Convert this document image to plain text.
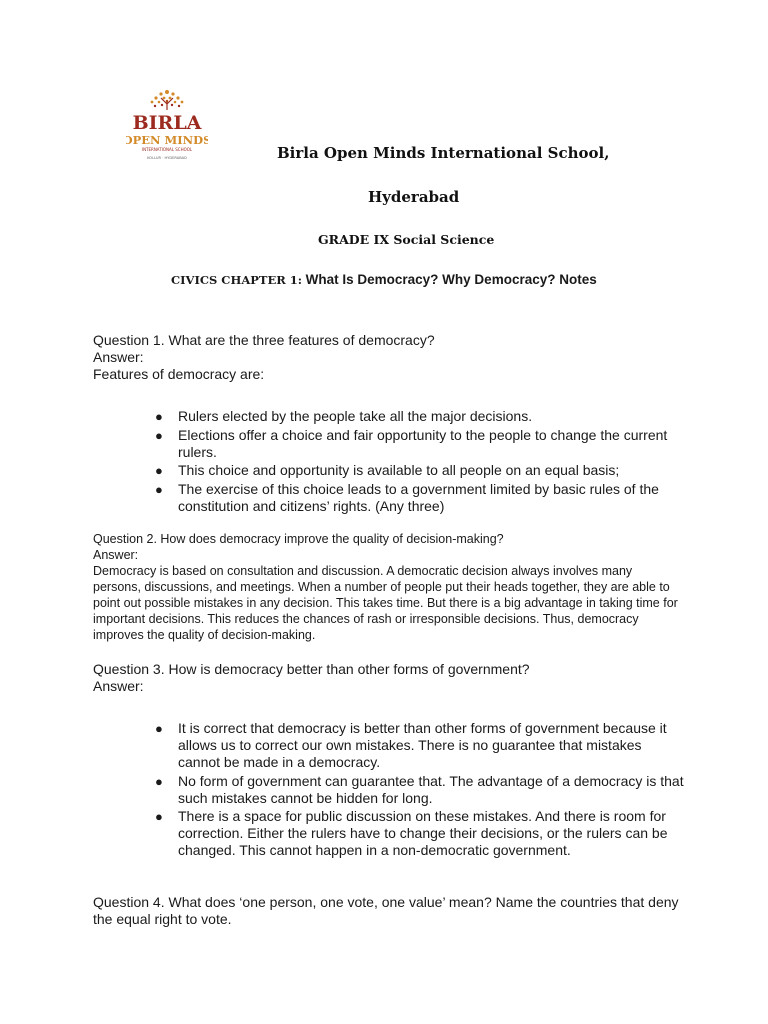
BIRLA
OPEN MINDS
INTERNATIONAL SCHOOL
KOLLUR · HYDERABAD	Birla Open Minds International School,
Hyderabad
GRADE IX Social Science
CIVICS CHAPTER 1: What Is Democracy? Why Democracy? Notes

Question 1. What are the three features of democracy?

Answer:

Features of democracy are:

● Rulers elected by the people take all the major decisions.
● Elections offer a choice and fair opportunity to the people to change the current rulers.
● This choice and opportunity is available to all people on an equal basis;
● The exercise of this choice leads to a government limited by basic rules of the constitution and citizens’ rights. (Any three)

Question 2. How does democracy improve the quality of decision-making?

Answer:

Democracy is based on consultation and discussion. A democratic decision always involves many persons, discussions, and meetings. When a number of people put their heads together, they are able to point out possible mistakes in any decision. This takes time. But there is a big advantage in taking time for important decisions. This reduces the chances of rash or irresponsible decisions. Thus, democracy improves the quality of decision-making.

Question 3. How is democracy better than other forms of government?

Answer:

● It is correct that democracy is better than other forms of government because it allows us to correct our own mistakes. There is no guarantee that mistakes cannot be made in a democracy.
● No form of government can guarantee that. The advantage of a democracy is that such mistakes cannot be hidden for long.
● There is a space for public discussion on these mistakes. And there is room for correction. Either the rulers have to change their decisions, or the rulers can be changed. This cannot happen in a non-democratic government.

Question 4. What does ‘one person, one vote, one value’ mean? Name the countries that deny the equal right to vote.
